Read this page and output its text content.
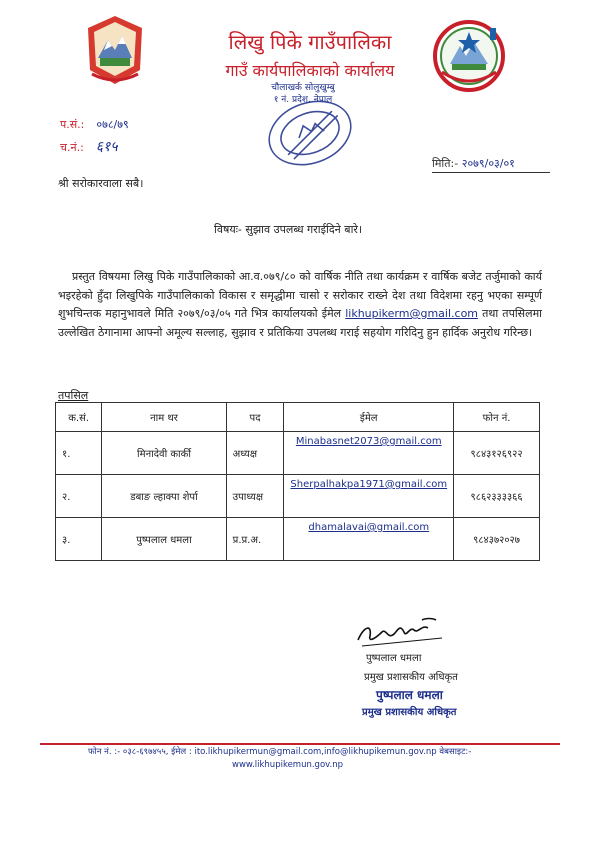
लिखु पिके गाउँपालिका
गाउँ कार्यपालिकाको कार्यालय
प.सं.: ०७८/७९
च.नं.: ६१५
चौलाखर्क सोलुखुम्बु
१ नं. प्रदेश, नेपाल
मिति:- २०७९/०३/०१
श्री सरोकारवाला सबै।
विषयः- सुझाव उपलब्ध गराईदिने बारे।

प्रस्तुत विषयमा लिखु पिके गाउँपालिकाको आ.व.०७९/८० को वार्षिक नीति तथा कार्यक्रम र वार्षिक बजेट तर्जुमाको कार्य भइरहेको हुँदा लिखुपिके गाउँपालिकाको विकास र समृद्धीमा चासो र सरोकार राख्ने देश तथा विदेशमा रहनु भएका सम्पूर्ण शुभचिन्तक महानुभावले मिति २०७९/०३/०५ गते भित्र कार्यालयको ईमेल likhupikerm@gmail.com तथा तपसिलमा उल्लेखित ठेगानामा आफ्नो अमूल्य सल्लाह, सुझाव र प्रतिकिया उपलब्ध गराई सहयोग गरिदिनु हुन हार्दिक अनुरोध गरिन्छ।

तपसिल
क.सं.	नाम थर	पद	ईमेल	फोन नं.
१.	मिनादेवी कार्की	अध्यक्ष	Minabasnet2073@gmail.com	९८४३१२६९२२
२.	डबाङ ल्हाक्पा शेर्पा	उपाध्यक्ष	Sherpalhakpa1971@gmail.com	९८६२३३३३६६
३.	पुष्पलाल धमला	प्र.प्र.अ.	dhamalavai@gmail.com	९८४३७२०२७
पुष्पलाल धमला
प्रमुख प्रशासकीय अधिकृत
पुष्पलाल धमला
प्रमुख प्रशासकीय अधिकृत
फोन नं. :- ०३८-६९७४५५, ईमेल : ito.likhupikermun@gmail.com,info@likhupikemun.gov.np वेबसाइट:-
www.likhupikemun.gov.np
